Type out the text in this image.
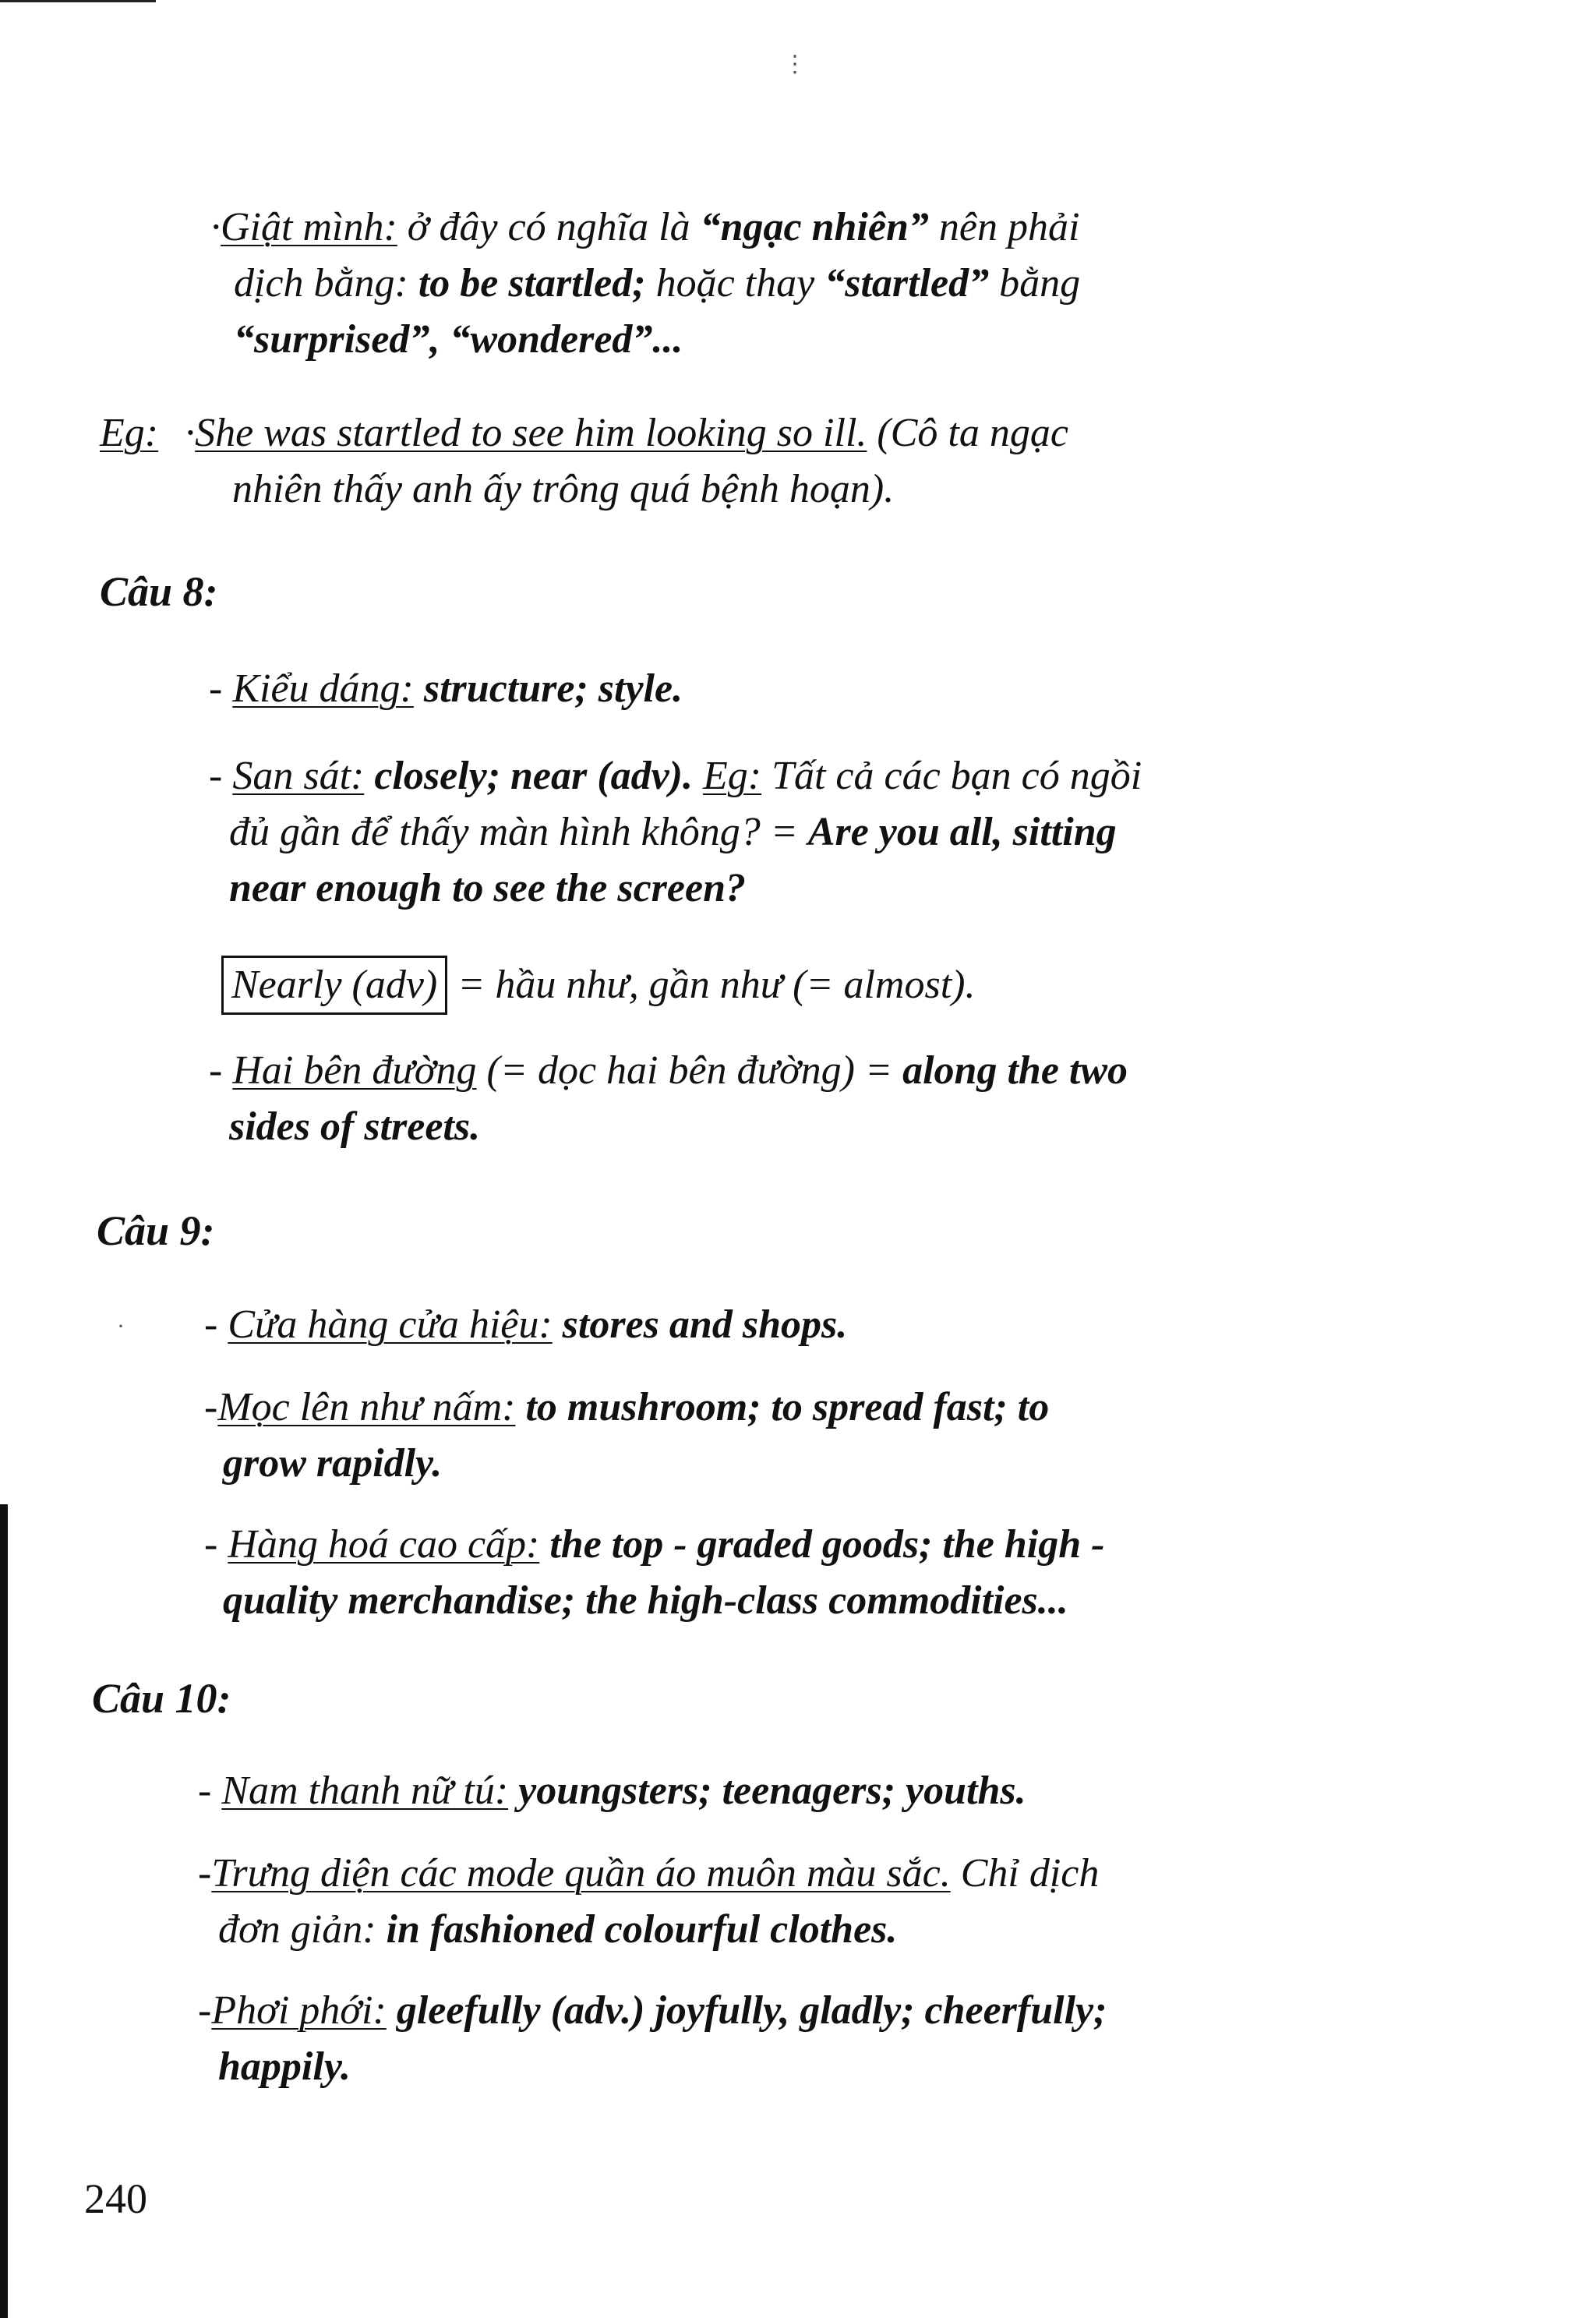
⋮
·
·Giật mình: ở đây có nghĩa là “ngạc nhiên” nên phải
dịch bằng: to be startled; hoặc thay “startled” bằng
“surprised”, “wondered”...
Eg: ·She was startled to see him looking so ill. (Cô ta ngạc
nhiên thấy anh ấy trông quá bệnh hoạn).
Câu 8:
- Kiểu dáng: structure; style.
- San sát: closely; near (adv). Eg: Tất cả các bạn có ngồi
đủ gần để thấy màn hình không? = Are you all, sitting
near enough to see the screen?
Nearly (adv) = hầu như, gần như (= almost).
- Hai bên đường (= dọc hai bên đường) = along the two
sides of streets.
Câu 9:
- Cửa hàng cửa hiệu: stores and shops.
-Mọc lên như nấm: to mushroom; to spread fast; to
grow rapidly.
- Hàng hoá cao cấp: the top - graded goods; the high -
quality merchandise; the high-class commodities...
Câu 10:
- Nam thanh nữ tú: youngsters; teenagers; youths.
-Trưng diện các mode quần áo muôn màu sắc. Chỉ dịch
đơn giản: in fashioned colourful clothes.
-Phơi phới: gleefully (adv.) joyfully, gladly; cheerfully;
happily.
240
